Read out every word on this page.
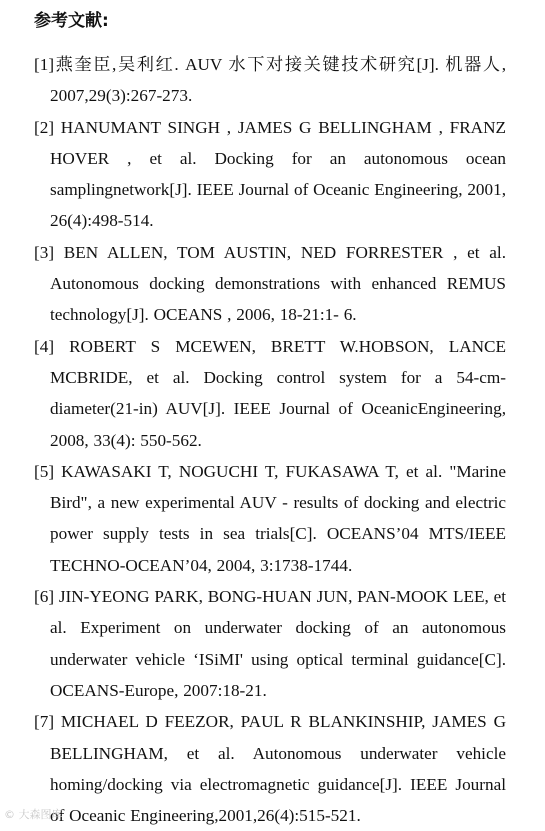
参考文献:
[1]燕奎臣,吴利红. AUV 水下对接关键技术研究[J]. 机器人, 2007,29(3):267-273.
[2] HANUMANT SINGH , JAMES G BELLINGHAM , FRANZ HOVER , et al. Docking for an autonomous ocean samplingnetwork[J]. IEEE Journal of Oceanic Engineering, 2001, 26(4):498-514.
[3] BEN ALLEN, TOM AUSTIN, NED FORRESTER , et al. Autonomous docking demonstrations with enhanced REMUS technology[J]. OCEANS , 2006, 18-21:1- 6.
[4] ROBERT S MCEWEN, BRETT W.HOBSON, LANCE MCBRIDE, et al. Docking control system for a 54-cm-diameter(21-in) AUV[J]. IEEE Journal of OceanicEngineering, 2008, 33(4): 550-562.
[5] KAWASAKI T, NOGUCHI T, FUKASAWA T, et al. "Marine Bird", a new experimental AUV - results of docking and electric power supply tests in sea trials[C]. OCEANS’04 MTS/IEEE TECHNO-OCEAN’04, 2004, 3:1738-1744.
[6] JIN-YEONG PARK, BONG-HUAN JUN, PAN-MOOK LEE, et al. Experiment on underwater docking of an autonomous underwater vehicle ‘ISiMI' using optical terminal guidance[C]. OCEANS-Europe, 2007:18-21.
[7] MICHAEL D FEEZOR, PAUL R BLANKINSHIP, JAMES G BELLINGHAM, et al. Autonomous underwater vehicle homing/docking via electromagnetic guidance[J]. IEEE Journal of Oceanic Engineering,2001,26(4):515-521.
© 大森图库
